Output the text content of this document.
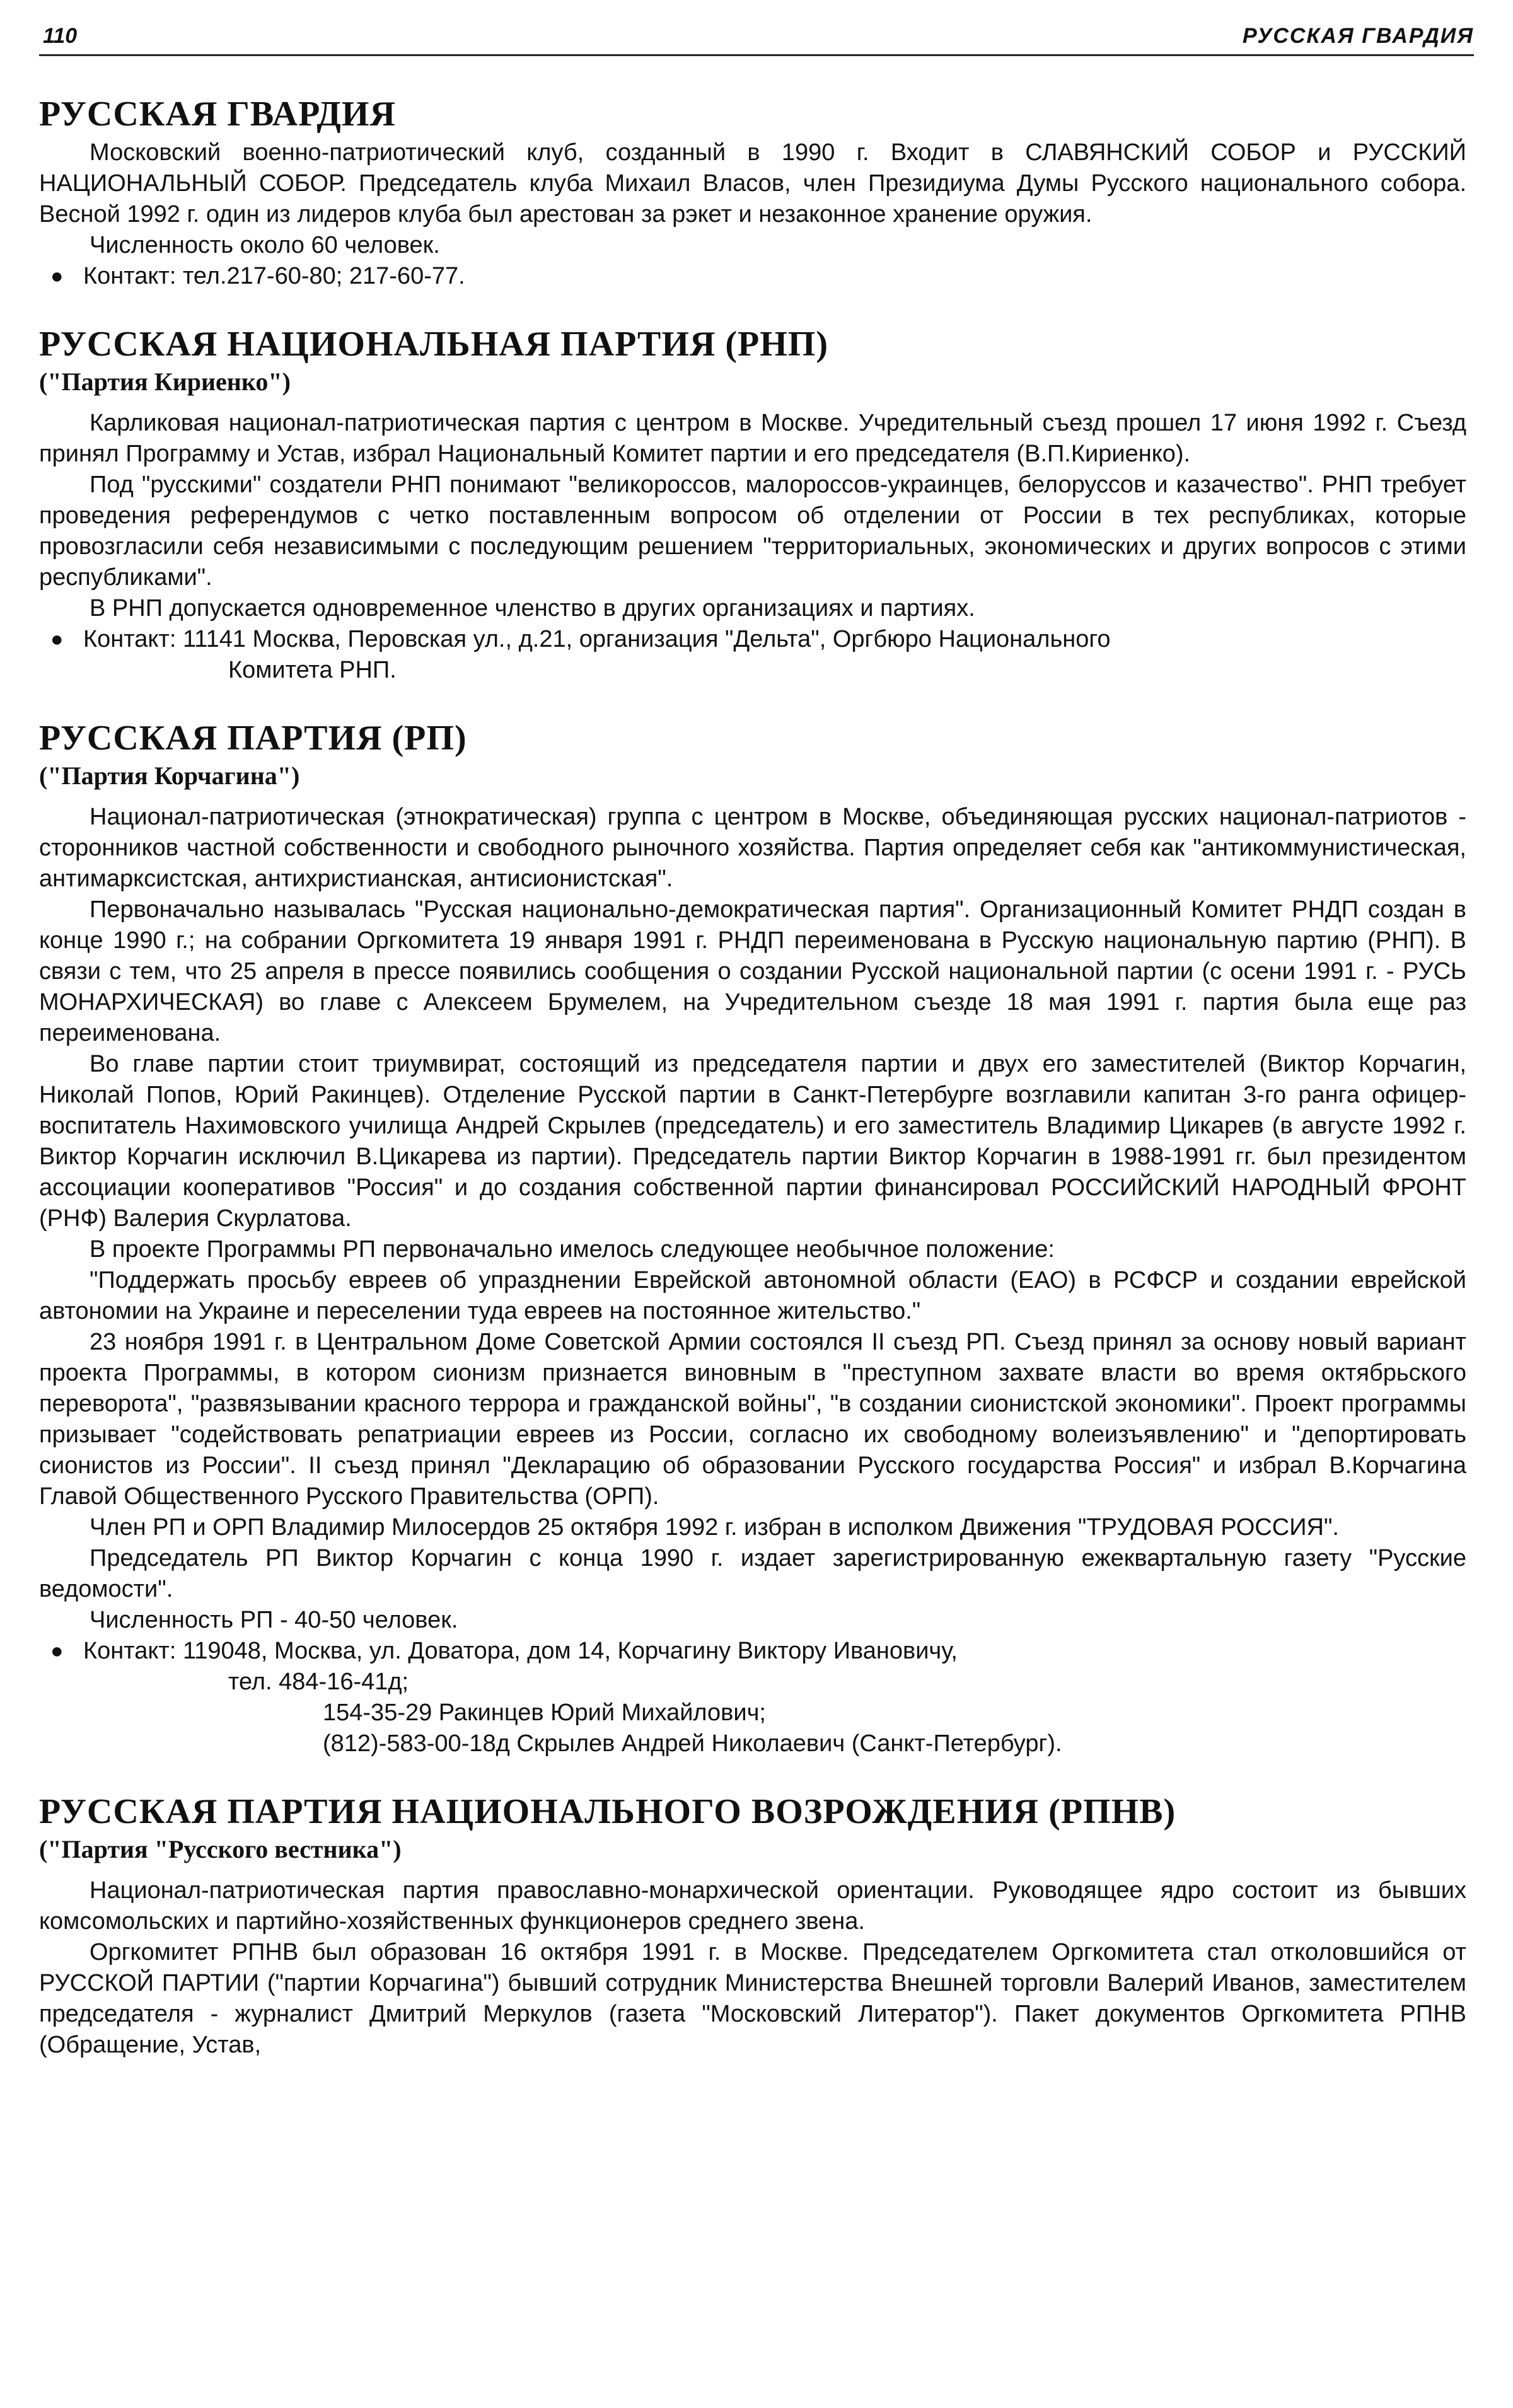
110	РУССКАЯ ГВАРДИЯ
РУССКАЯ ГВАРДИЯ

Московский военно-патриотический клуб, созданный в 1990 г. Входит в СЛАВЯНСКИЙ СОБОР и РУССКИЙ НАЦИОНАЛЬНЫЙ СОБОР. Председатель клуба Михаил Власов, член Президиума Думы Русского национального собора. Весной 1992 г. один из лидеров клуба был арестован за рэкет и незаконное хранение оружия.

Численность около 60 человек.

● Контакт: тел.217-60-80; 217-60-77.
РУССКАЯ НАЦИОНАЛЬНАЯ ПАРТИЯ (РНП)
("Партия Кириенко")

Карликовая национал-патриотическая партия с центром в Москве. Учредительный съезд прошел 17 июня 1992 г. Съезд принял Программу и Устав, избрал Национальный Комитет партии и его председателя (В.П.Кириенко).

Под "русскими" создатели РНП понимают "великороссов, малороссов-украинцев, белорусcов и казачество". РНП требует проведения референдумов с четко поставленным вопросом об отделении от России в тех республиках, которые провозгласили себя независимыми с последующим решением "территориальных, экономических и других вопросов с этими республиками".

В РНП допускается одновременное членство в других организациях и партиях.

● Контакт: 11141 Москва, Перовская ул., д.21, организация "Дельта", Оргбюро Национального
Комитета РНП.
РУССКАЯ ПАРТИЯ (РП)
("Партия Корчагина")

Национал-патриотическая (этнократическая) группа с центром в Москве, объединяющая русских национал-патриотов - сторонников частной собственности и свободного рыночного хозяйства. Партия определяет себя как "антикоммунистическая, антимарксистская, антихристианская, антисионистская".

Первоначально называлась "Русская национально-демократическая партия". Организационный Комитет РНДП создан в конце 1990 г.; на собрании Оргкомитета 19 января 1991 г. РНДП переименована в Русскую национальную партию (РНП). В связи с тем, что 25 апреля в прессе появились сообщения о создании Русской национальной партии (с осени 1991 г. - РУСЬ МОНАРХИЧЕСКАЯ) во главе с Алексеем Брумелем, на Учредительном съезде 18 мая 1991 г. партия была еще раз переименована.

Во главе партии стоит триумвират, состоящий из председателя партии и двух его заместителей (Виктор Корчагин, Николай Попов, Юрий Ракинцев). Отделение Русской партии в Санкт-Петербурге возглавили капитан 3-го ранга офицер-воспитатель Нахимовского училища Андрей Скрылев (председатель) и его заместитель Владимир Цикарев (в августе 1992 г. Виктор Корчагин исключил В.Цикарева из партии). Председатель партии Виктор Корчагин в 1988-1991 гг. был президентом ассоциации кооперативов "Россия" и до создания собственной партии финансировал РОССИЙСКИЙ НАРОДНЫЙ ФРОНТ (РНФ) Валерия Скурлатова.

В проекте Программы РП первоначально имелось следующее необычное положение:

"Поддержать просьбу евреев об упразднении Еврейской автономной области (ЕАО) в РСФСР и создании еврейской автономии на Украине и переселении туда евреев на постоянное жительство."

23 ноября 1991 г. в Центральном Доме Советской Армии состоялся II съезд РП. Съезд принял за основу новый вариант проекта Программы, в котором сионизм признается виновным в "преступном захвате власти во время октябрьского переворота", "развязывании красного террора и гражданской войны", "в создании сионистской экономики". Проект программы призывает "содействовать репатриации евреев из России, согласно их свободному волеизъявлению" и "депортировать сионистов из России". II съезд принял "Декларацию об образовании Русского государства Россия" и избрал В.Корчагина Главой Общественного Русского Правительства (ОРП).

Член РП и ОРП Владимир Милосердов 25 октября 1992 г. избран в исполком Движения "ТРУДОВАЯ РОССИЯ".

Председатель РП Виктор Корчагин с конца 1990 г. издает зарегистрированную ежеквартальную газету "Русские ведомости".

Численность РП - 40-50 человек.

● Контакт: 119048, Москва, ул. Доватора, дом 14, Корчагину Виктору Ивановичу,
тел. 484-16-41д;
154-35-29 Ракинцев Юрий Михайлович;
(812)-583-00-18д Скрылев Андрей Николаевич (Санкт-Петербург).
РУССКАЯ ПАРТИЯ НАЦИОНАЛЬНОГО ВОЗРОЖДЕНИЯ (РПНВ)
("Партия "Русского вестника")

Национал-патриотическая партия православно-монархической ориентации. Руководящее ядро состоит из бывших комсомольских и партийно-хозяйственных функционеров среднего звена.

Оргкомитет РПНВ был образован 16 октября 1991 г. в Москве. Председателем Оргкомитета стал отколовшийся от РУССКОЙ ПАРТИИ ("партии Корчагина") бывший сотрудник Министерства Внешней торговли Валерий Иванов, заместителем председателя - журналист Дмитрий Меркулов (газета "Московский Литератор"). Пакет документов Оргкомитета РПНВ (Обращение, Устав,
